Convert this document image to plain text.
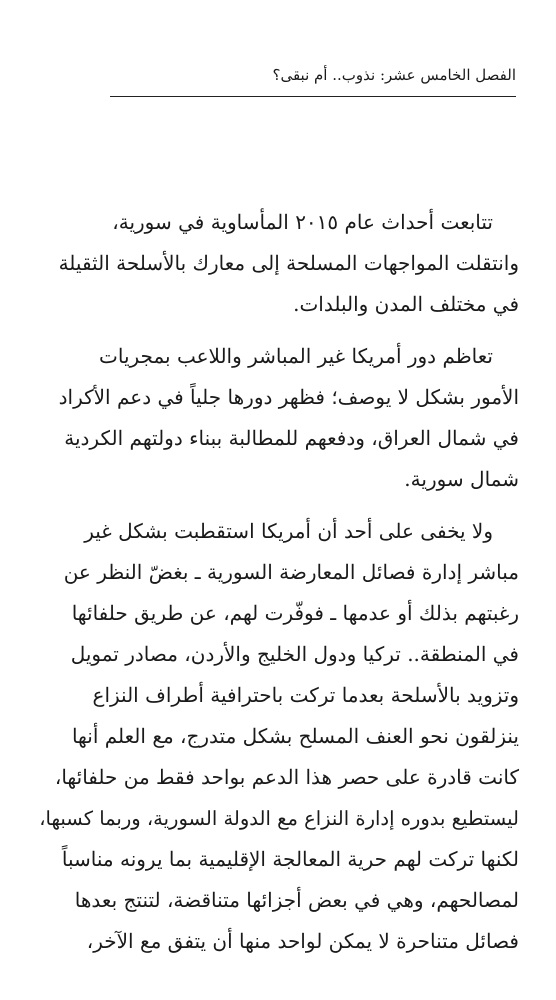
الفصل الخامس عشر: نذوب.. أم نبقى؟

تتابعت أحداث عام ٢٠١٥ المأساوية في سورية،
وانتقلت المواجهات المسلحة إلى معارك بالأسلحة الثقيلة
في مختلف المدن والبلدات.

تعاظم دور أمريكا غير المباشر واللاعب بمجريات
الأمور بشكل لا يوصف؛ فظهر دورها جلياً في دعم الأكراد
في شمال العراق، ودفعهم للمطالبة ببناء دولتهم الكردية
شمال سورية.

ولا يخفى على أحد أن أمريكا استقطبت بشكل غير
مباشر إدارة فصائل المعارضة السورية ـ بغضّ النظر عن
رغبتهم بذلك أو عدمها ـ فوفّرت لهم، عن طريق حلفائها
في المنطقة.. تركيا ودول الخليج والأردن، مصادر تمويل
وتزويد بالأسلحة بعدما تركت باحترافية أطراف النزاع
ينزلقون نحو العنف المسلح بشكل متدرج، مع العلم أنها
كانت قادرة على حصر هذا الدعم بواحد فقط من حلفائها،
ليستطيع بدوره إدارة النزاع مع الدولة السورية، وربما كسبها،
لكنها تركت لهم حرية المعالجة الإقليمية بما يرونه مناسباً
لمصالحهم، وهي في بعض أجزائها متناقضة، لتنتج بعدها
فصائل متناحرة لا يمكن لواحد منها أن يتفق مع الآخر،
